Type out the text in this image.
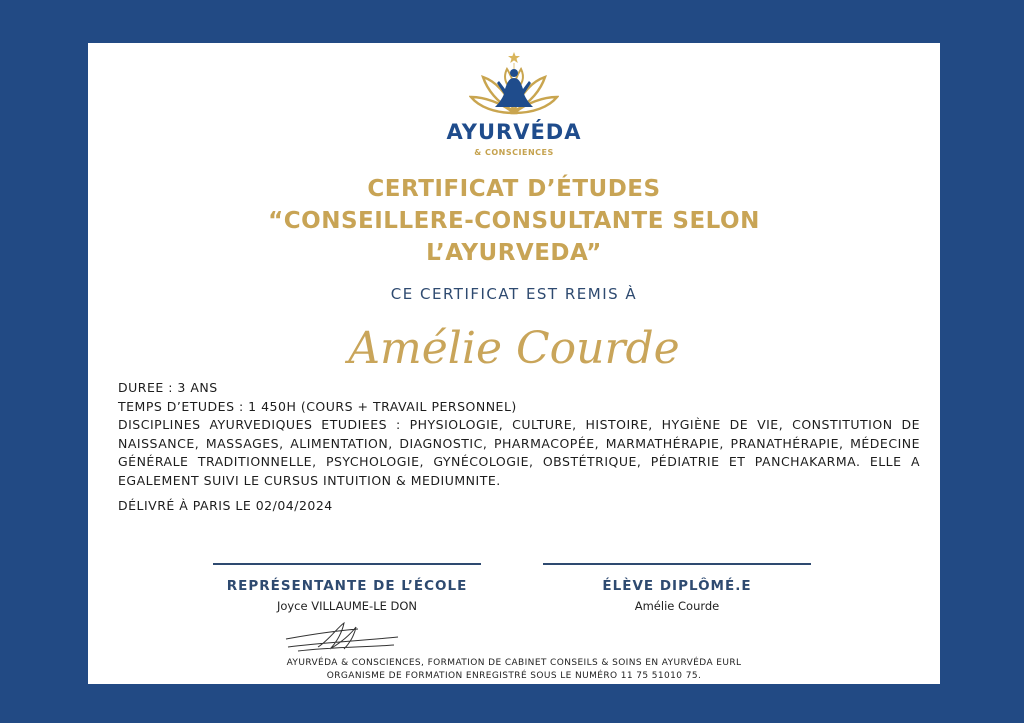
AYURVÉDA
& CONSCIENCES
CERTIFICAT D’ÉTUDES
“CONSEILLERE-CONSULTANTE SELON
L’AYURVEDA”
CE CERTIFICAT EST REMIS À
Amélie Courde

DUREE : 3 ANS

TEMPS D’ETUDES : 1 450H (COURS + TRAVAIL PERSONNEL)

DISCIPLINES AYURVEDIQUES ETUDIEES : PHYSIOLOGIE, CULTURE, HISTOIRE, HYGIÈNE DE VIE, CONSTITUTION DE NAISSANCE, MASSAGES, ALIMENTATION, DIAGNOSTIC, PHARMACOPÉE, MARMATHÉRAPIE, PRANATHÉRAPIE, MÉDECINE GÉNÉRALE TRADITIONNELLE, PSYCHOLOGIE, GYNÉCOLOGIE, OBSTÉTRIQUE, PÉDIATRIE ET PANCHAKARMA. ELLE A EGALEMENT SUIVI LE CURSUS INTUITION & MEDIUMNITE.

DÉLIVRÉ À PARIS LE 02/04/2024

REPRÉSENTANTE DE L’ÉCOLE
Joyce VILLAUME-LE DON
ÉLÈVE DIPLÔMÉ.E
Amélie Courde
AYURVÉDA & CONSCIENCES, FORMATION DE CABINET CONSEILS & SOINS EN AYURVÉDA EURL
ORGANISME DE FORMATION ENREGISTRÉ SOUS LE NUMÉRO 11 75 51010 75.
